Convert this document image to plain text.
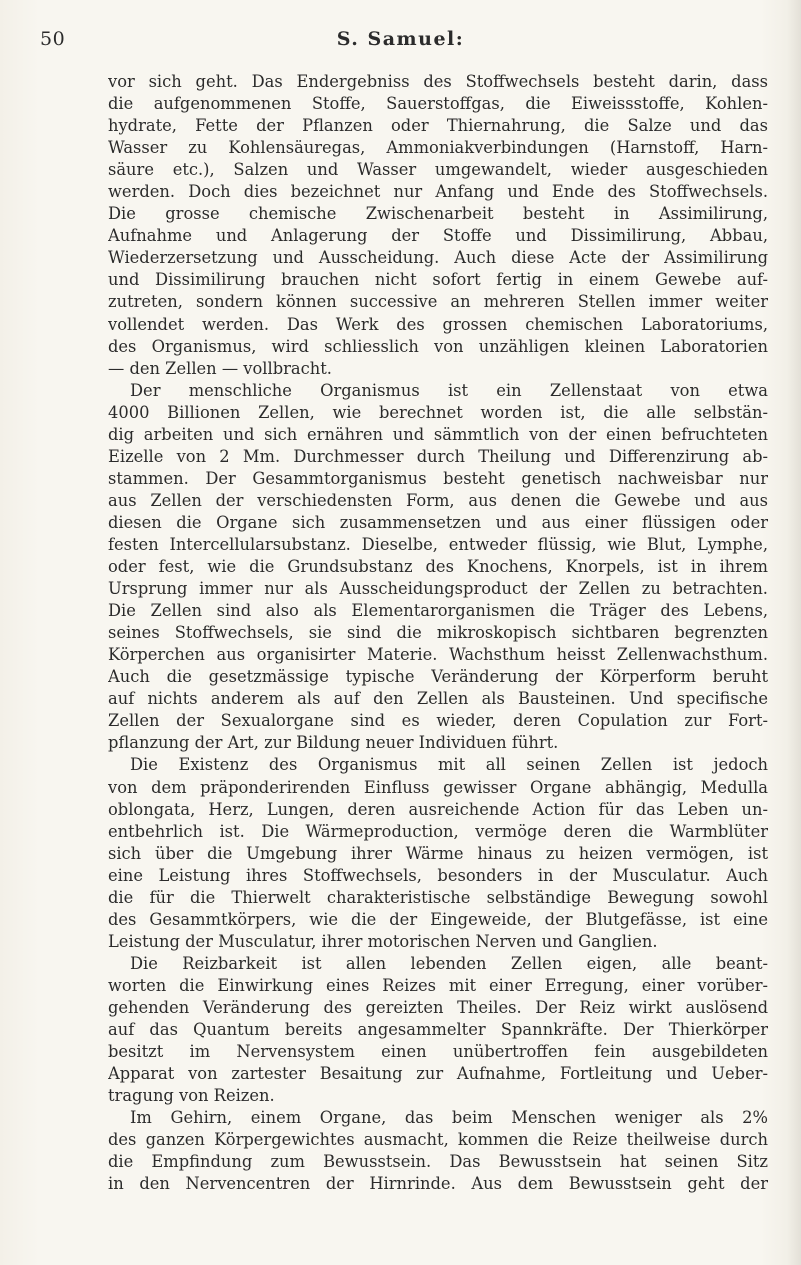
50	S. Samuel:
vor sich geht. Das Endergebniss des Stoffwechsels besteht darin, dass
die aufgenommenen Stoffe, Sauerstoffgas, die Eiweissstoffe, Kohlen-
hydrate, Fette der Pflanzen oder Thiernahrung, die Salze und das
Wasser zu Kohlensäuregas, Ammoniakverbindungen (Harnstoff, Harn-
säure etc.), Salzen und Wasser umgewandelt, wieder ausgeschieden
werden. Doch dies bezeichnet nur Anfang und Ende des Stoffwechsels.
Die grosse chemische Zwischenarbeit besteht in Assimilirung,
Aufnahme und Anlagerung der Stoffe und Dissimilirung, Abbau,
Wiederzersetzung und Ausscheidung. Auch diese Acte der Assimilirung
und Dissimilirung brauchen nicht sofort fertig in einem Gewebe auf-
zutreten, sondern können successive an mehreren Stellen immer weiter
vollendet werden. Das Werk des grossen chemischen Laboratoriums,
des Organismus, wird schliesslich von unzähligen kleinen Laboratorien
— den Zellen — vollbracht.
Der menschliche Organismus ist ein Zellenstaat von etwa
4000 Billionen Zellen, wie berechnet worden ist, die alle selbstän-
dig arbeiten und sich ernähren und sämmtlich von der einen befruchteten
Eizelle von 2 Mm. Durchmesser durch Theilung und Differenzirung ab-
stammen. Der Gesammtorganismus besteht genetisch nachweisbar nur
aus Zellen der verschiedensten Form, aus denen die Gewebe und aus
diesen die Organe sich zusammensetzen und aus einer flüssigen oder
festen Intercellularsubstanz. Dieselbe, entweder flüssig, wie Blut, Lymphe,
oder fest, wie die Grundsubstanz des Knochens, Knorpels, ist in ihrem
Ursprung immer nur als Ausscheidungsproduct der Zellen zu betrachten.
Die Zellen sind also als Elementarorganismen die Träger des Lebens,
seines Stoffwechsels, sie sind die mikroskopisch sichtbaren begrenzten
Körperchen aus organisirter Materie. Wachsthum heisst Zellenwachsthum.
Auch die gesetzmässige typische Veränderung der Körperform beruht
auf nichts anderem als auf den Zellen als Bausteinen. Und specifische
Zellen der Sexualorgane sind es wieder, deren Copulation zur Fort-
pflanzung der Art, zur Bildung neuer Individuen führt.
Die Existenz des Organismus mit all seinen Zellen ist jedoch
von dem präponderirenden Einfluss gewisser Organe abhängig, Medulla
oblongata, Herz, Lungen, deren ausreichende Action für das Leben un-
entbehrlich ist. Die Wärmeproduction, vermöge deren die Warmblüter
sich über die Umgebung ihrer Wärme hinaus zu heizen vermögen, ist
eine Leistung ihres Stoffwechsels, besonders in der Musculatur. Auch
die für die Thierwelt charakteristische selbständige Bewegung sowohl
des Gesammtkörpers, wie die der Eingeweide, der Blutgefässe, ist eine
Leistung der Musculatur, ihrer motorischen Nerven und Ganglien.
Die Reizbarkeit ist allen lebenden Zellen eigen, alle beant-
worten die Einwirkung eines Reizes mit einer Erregung, einer vorüber-
gehenden Veränderung des gereizten Theiles. Der Reiz wirkt auslösend
auf das Quantum bereits angesammelter Spannkräfte. Der Thierkörper
besitzt im Nervensystem einen unübertroffen fein ausgebildeten
Apparat von zartester Besaitung zur Aufnahme, Fortleitung und Ueber-
tragung von Reizen.
Im Gehirn, einem Organe, das beim Menschen weniger als 2%
des ganzen Körpergewichtes ausmacht, kommen die Reize theilweise durch
die Empfindung zum Bewusstsein. Das Bewusstsein hat seinen Sitz
in den Nervencentren der Hirnrinde. Aus dem Bewusstsein geht der
